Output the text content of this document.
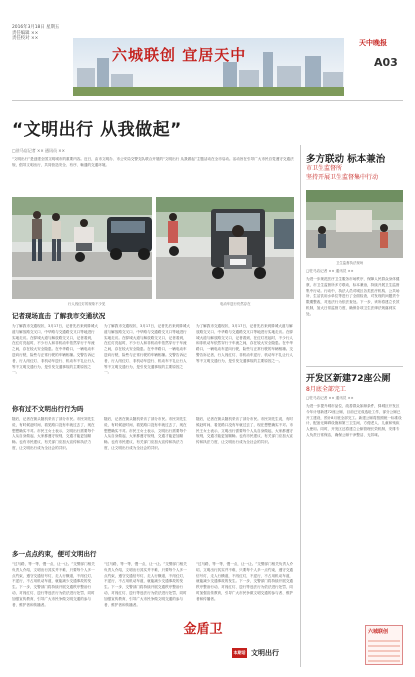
2016年3月18日 星期五
责任编辑 ××
责任校对 ××
六城联创 宜居天中
天中晚报
A03
“文明出行 从我做起”
□驻马店记者 ×× 通讯员 ××
“文明出行”是创建全国文明城市的重要内容。近日，由市文明办、市公安局交警支队联合开展的“文明出行 从我做起”主题活动在全市启动。活动旨在引导广大市民自觉遵守交通法规，倡导文明出行，共同营造安全、有序、畅通的交通环境。
行人闯红灯的现象不少见	电动车逆行仍然存在
记者现场直击 了解我市交通状况
为了解我市交通现状，3月17日，记者先后来到驿城大道与解放路交叉口、中华路与交通路交叉口等地进行实地走访。在驿城大道与解放路交叉口，记者看到，在红灯亮起时，不少行人和非机动车依然穿行于车流之间，存在较大安全隐患。在中华路口，一辆电动车逆向行驶，险些与正常行驶的车辆相撞。交警告诉记者，行人闯红灯、非机动车逆行、机动车不礼让行人等不文明交通行为，是引发交通事故的主要原因之一。
为了解我市交通现状，3月17日，记者先后来到驿城大道与解放路交叉口、中华路与交通路交叉口等地进行实地走访。在驿城大道与解放路交叉口，记者看到，在红灯亮起时，不少行人和非机动车依然穿行于车流之间，存在较大安全隐患。在中华路口，一辆电动车逆向行驶，险些与正常行驶的车辆相撞。交警告诉记者，行人闯红灯、非机动车逆行、机动车不礼让行人等不文明交通行为，是引发交通事故的主要原因之一。
为了解我市交通现状，3月17日，记者先后来到驿城大道与解放路交叉口、中华路与交通路交叉口等地进行实地走访。在驿城大道与解放路交叉口，记者看到，在红灯亮起时，不少行人和非机动车依然穿行于车流之间，存在较大安全隐患。在中华路口，一辆电动车逆向行驶，险些与正常行驶的车辆相撞。交警告诉记者，行人闯红灯、非机动车逆行、机动车不礼让行人等不文明交通行为，是引发交通事故的主要原因之一。
你有过不文明出行行为吗
随后，记者在街头随机采访了部分市民。市民刘先生说，有时候赶时间，看见路口没有车就过去了，现在想想确实不对。市民王女士表示，文明出行需要每个人从自身做起，大家都遵守规则，交通才能更加顺畅。也有市民建议，有关部门应加大宣传和执法力度，让文明出行成为全社会的共识。
随后，记者在街头随机采访了部分市民。市民刘先生说，有时候赶时间，看见路口没有车就过去了，现在想想确实不对。市民王女士表示，文明出行需要每个人从自身做起，大家都遵守规则，交通才能更加顺畅。也有市民建议，有关部门应加大宣传和执法力度，让文明出行成为全社会的共识。
随后，记者在街头随机采访了部分市民。市民刘先生说，有时候赶时间，看见路口没有车就过去了，现在想想确实不对。市民王女士表示，文明出行需要每个人从自身做起，大家都遵守规则，交通才能更加顺畅。也有市民建议，有关部门应加大宣传和执法力度，让文明出行成为全社会的共识。
多一点点约束，便可文明出行
“过马路，等一等，慢一点，让一让。”交警部门相关负责人介绍，文明出行其实并不难，只要每个人多一点约束，遵守交通信号灯，走人行横道，不闯红灯，不逆行，不占用机动车道，就能减少交通事故的发生。下一步，交警部门将持续开展交通秩序整治行动，对闯红灯、逆行等违法行为依法进行处罚，同时加强宣传教育，引导广大市民争做文明交通的参与者、维护者和传播者。
“过马路，等一等，慢一点，让一让。”交警部门相关负责人介绍，文明出行其实并不难，只要每个人多一点约束，遵守交通信号灯，走人行横道，不闯红灯，不逆行，不占用机动车道，就能减少交通事故的发生。下一步，交警部门将持续开展交通秩序整治行动，对闯红灯、逆行等违法行为依法进行处罚，同时加强宣传教育，引导广大市民争做文明交通的参与者、维护者和传播者。
“过马路，等一等，慢一点，让一让。”交警部门相关负责人介绍，文明出行其实并不难，只要每个人多一点约束，遵守交通信号灯，走人行横道，不闯红灯，不逆行，不占用机动车道，就能减少交通事故的发生。下一步，交警部门将持续开展交通秩序整治行动，对闯红灯、逆行等违法行为依法进行处罚，同时加强宣传教育，引导广大市民争做文明交通的参与者、维护者和传播者。
金盾卫
本期话题
文明出行
多方联动 标本兼治
市卫生监督所
坚持开展卫生监督集中行动
卫生监督执法现场
□驻马店记者 ×× 通讯员 ××
为进一步规范医疗卫生服务市场秩序，保障人民群众身体健康，市卫生监督所多方联动，标本兼治，持续开展卫生监督集中行动。行动中，执法人员对城区各类医疗机构、公共场所、生活饮用水单位等进行了全面检查，对发现的问题责令限期整改，对违法行为依法查处。下一步，该所将建立长效机制，加大日常监督力度，确保各项卫生法律法规落到实处。
开发区新建72座公厕
8月底全部完工
□驻马店记者 ×× 通讯员 ××
为进一步提升城市品位，改善群众如厕条件，驿城区开发区今年计划新建72座公厕，目前已完成选址工作，部分公厕已开工建设，预计8月底全部完工。新建公厕将按照统一标准设计，配备无障碍设施和第三卫生间，方便老人、儿童和残疾人使用。同时，开发区还将建立公厕管理长效机制，安排专人负责日常保洁，确保公厕干净整洁、无异味。
六城联创
